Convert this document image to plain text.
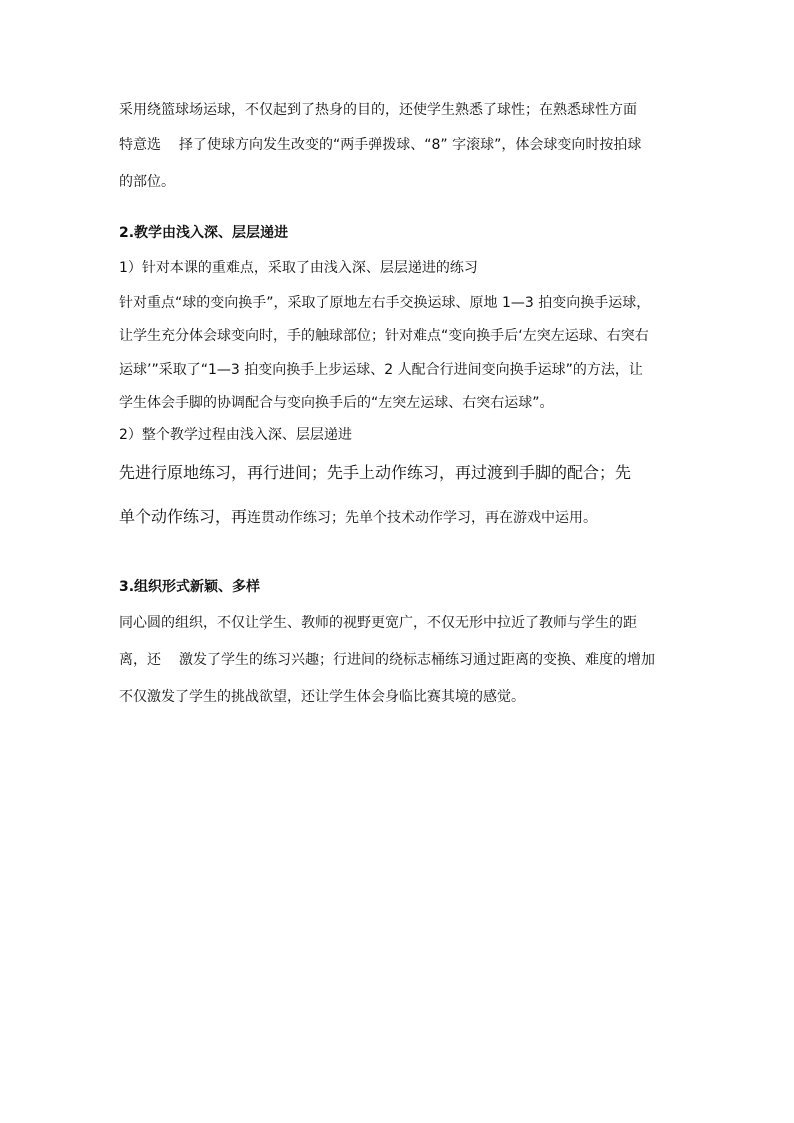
采用绕篮球场运球，不仅起到了热身的目的，还使学生熟悉了球性；在熟悉球性方面
特意选 择了使球方向发生改变的“两手弹拨球、“8” 字滚球”，体会球变向时按拍球
的部位。
2.教学由浅入深、层层递进
1）针对本课的重难点，采取了由浅入深、层层递进的练习
针对重点“球的变向换手”，采取了原地左右手交换运球、原地 1—3 拍变向换手运球，
让学生充分体会球变向时，手的触球部位；针对难点“变向换手后‘左突左运球、右突右
运球’”采取了“1—3 拍变向换手上步运球、2 人配合行进间变向换手运球”的方法，让
学生体会手脚的协调配合与变向换手后的“左突左运球、右突右运球”。
2）整个教学过程由浅入深、层层递进
先进行原地练习，再行进间；先手上动作练习，再过渡到手脚的配合；先
单个动作练习，再连贯动作练习；先单个技术动作学习，再在游戏中运用。
3.组织形式新颖、多样
同心圆的组织，不仅让学生、教师的视野更宽广，不仅无形中拉近了教师与学生的距
离，还 激发了学生的练习兴趣；行进间的绕标志桶练习通过距离的变换、难度的增加
不仅激发了学生的挑战欲望，还让学生体会身临比赛其境的感觉。
